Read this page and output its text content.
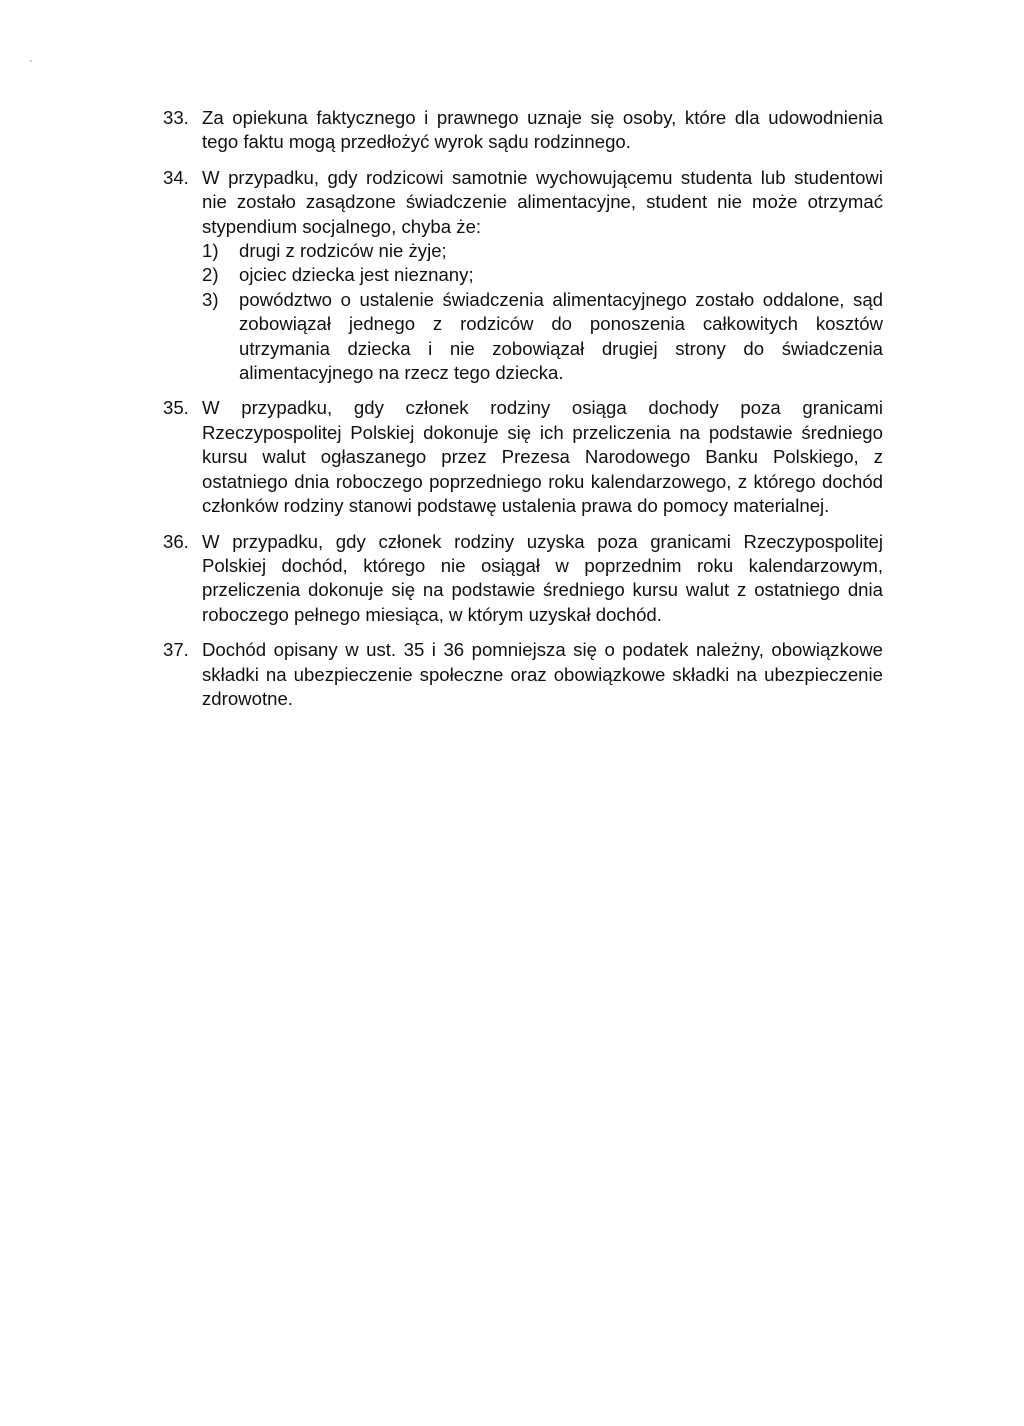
33. Za opiekuna faktycznego i prawnego uznaje się osoby, które dla udowodnienia tego faktu mogą przedłożyć wyrok sądu rodzinnego.
34. W przypadku, gdy rodzicowi samotnie wychowującemu studenta lub studentowi nie zostało zasądzone świadczenie alimentacyjne, student nie może otrzymać stypendium socjalnego, chyba że:
1)	drugi z rodziców nie żyje;
2)	ojciec dziecka jest nieznany;
3)	powództwo o ustalenie świadczenia alimentacyjnego zostało oddalone, sąd zobowiązał jednego z rodziców do ponoszenia całkowitych kosztów utrzymania dziecka i nie zobowiązał drugiej strony do świadczenia alimentacyjnego na rzecz tego dziecka.
35. W przypadku, gdy członek rodziny osiąga dochody poza granicami Rzeczypospolitej Polskiej dokonuje się ich przeliczenia na podstawie średniego kursu walut ogłaszanego przez Prezesa Narodowego Banku Polskiego, z ostatniego dnia roboczego poprzedniego roku kalendarzowego, z którego dochód członków rodziny stanowi podstawę ustalenia prawa do pomocy materialnej.
36. W przypadku, gdy członek rodziny uzyska poza granicami Rzeczypospolitej Polskiej dochód, którego nie osiągał w poprzednim roku kalendarzowym, przeliczenia dokonuje się na podstawie średniego kursu walut z ostatniego dnia roboczego pełnego miesiąca, w którym uzyskał dochód.
37. Dochód opisany w ust. 35 i 36 pomniejsza się o podatek należny, obowiązkowe składki na ubezpieczenie społeczne oraz obowiązkowe składki na ubezpieczenie zdrowotne.
